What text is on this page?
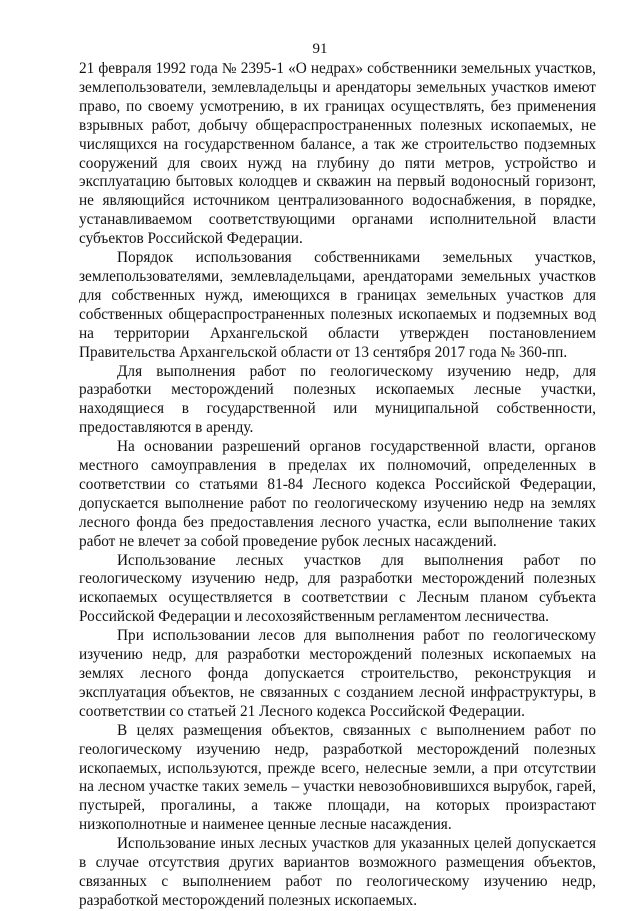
91

21 февраля 1992 года № 2395-1 «О недрах» собственники земельных участков, землепользователи, землевладельцы и арендаторы земельных участков имеют право, по своему усмотрению, в их границах осуществлять, без применения взрывных работ, добычу общераспространенных полезных ископаемых, не числящихся на государственном балансе, а так же строительство подземных сооружений для своих нужд на глубину до пяти метров, устройство и эксплуатацию бытовых колодцев и скважин на первый водоносный горизонт, не являющийся источником централизованного водоснабжения, в порядке, устанавливаемом соответствующими органами исполнительной власти субъектов Российской Федерации.

Порядок использования собственниками земельных участков, землепользователями, землевладельцами, арендаторами земельных участков для собственных нужд, имеющихся в границах земельных участков для собственных общераспространенных полезных ископаемых и подземных вод на территории Архангельской области утвержден постановлением Правительства Архангельской области от 13 сентября 2017 года № 360-пп.

Для выполнения работ по геологическому изучению недр, для разработки месторождений полезных ископаемых лесные участки, находящиеся в государственной или муниципальной собственности, предоставляются в аренду.

На основании разрешений органов государственной власти, органов местного самоуправления в пределах их полномочий, определенных в соответствии со статьями 81-84 Лесного кодекса Российской Федерации, допускается выполнение работ по геологическому изучению недр на землях лесного фонда без предоставления лесного участка, если выполнение таких работ не влечет за собой проведение рубок лесных насаждений.

Использование лесных участков для выполнения работ по геологическому изучению недр, для разработки месторождений полезных ископаемых осуществляется в соответствии с Лесным планом субъекта Российской Федерации и лесохозяйственным регламентом лесничества.

При использовании лесов для выполнения работ по геологическому изучению недр, для разработки месторождений полезных ископаемых на землях лесного фонда допускается строительство, реконструкция и эксплуатация объектов, не связанных с созданием лесной инфраструктуры, в соответствии со статьей 21 Лесного кодекса Российской Федерации.

В целях размещения объектов, связанных с выполнением работ по геологическому изучению недр, разработкой месторождений полезных ископаемых, используются, прежде всего, нелесные земли, а при отсутствии на лесном участке таких земель – участки невозобновившихся вырубок, гарей, пустырей, прогалины, а также площади, на которых произрастают низкополнотные и наименее ценные лесные насаждения.

Использование иных лесных участков для указанных целей допускается в случае отсутствия других вариантов возможного размещения объектов, связанных с выполнением работ по геологическому изучению недр, разработкой месторождений полезных ископаемых.
